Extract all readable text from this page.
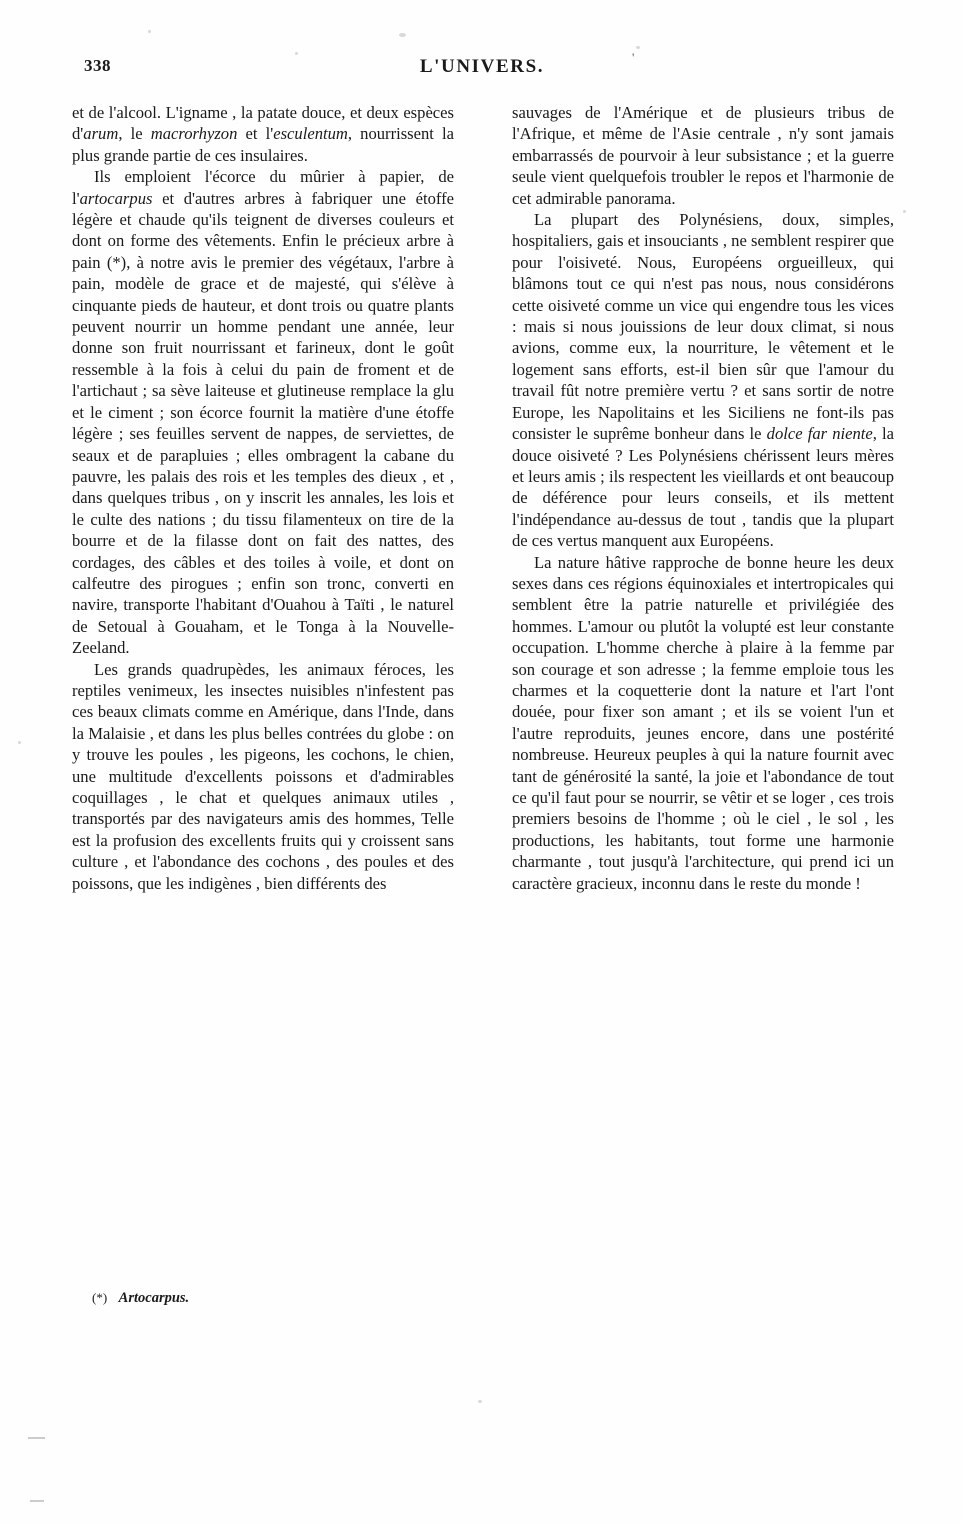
338	L'UNIVERS.	'

et de l'alcool. L'igname , la patate douce, et deux espèces d'arum, le macrorhyzon et l'esculentum, nourrissent la plus grande partie de ces insulaires.

Ils emploient l'écorce du mûrier à papier, de l'artocarpus et d'autres arbres à fabriquer une étoffe légère et chaude qu'ils teignent de diverses couleurs et dont on forme des vêtements. Enfin le précieux arbre à pain (*), à notre avis le premier des végétaux, l'arbre à pain, modèle de grace et de majesté, qui s'élève à cinquante pieds de hauteur, et dont trois ou quatre plants peuvent nourrir un homme pendant une année, leur donne son fruit nourrissant et farineux, dont le goût ressemble à la fois à celui du pain de froment et de l'artichaut ; sa sève laiteuse et glutineuse remplace la glu et le ciment ; son écorce fournit la matière d'une étoffe légère ; ses feuilles servent de nappes, de serviettes, de seaux et de parapluies ; elles ombragent la cabane du pauvre, les palais des rois et les temples des dieux , et , dans quelques tribus , on y inscrit les annales, les lois et le culte des nations ; du tissu filamenteux on tire de la bourre et de la filasse dont on fait des nattes, des cordages, des câbles et des toiles à voile, et dont on calfeutre des pirogues ; enfin son tronc, converti en navire, transporte l'habitant d'Ouahou à Taïti , le naturel de Setoual à Gouaham, et le Tonga à la Nouvelle-Zeeland.

Les grands quadrupèdes, les animaux féroces, les reptiles venimeux, les insectes nuisibles n'infestent pas ces beaux climats comme en Amérique, dans l'Inde, dans la Malaisie , et dans les plus belles contrées du globe : on y trouve les poules , les pigeons, les cochons, le chien, une multitude d'excellents poissons et d'admirables coquillages , le chat et quelques animaux utiles , transportés par des navigateurs amis des hommes, Telle est la profusion des excellents fruits qui y croissent sans culture , et l'abondance des cochons , des poules et des poissons, que les indigènes , bien différents des

sauvages de l'Amérique et de plusieurs tribus de l'Afrique, et même de l'Asie centrale , n'y sont jamais embarrassés de pourvoir à leur subsistance ; et la guerre seule vient quelquefois troubler le repos et l'harmonie de cet admirable panorama.

La plupart des Polynésiens, doux, simples, hospitaliers, gais et insouciants , ne semblent respirer que pour l'oisiveté. Nous, Européens orgueilleux, qui blâmons tout ce qui n'est pas nous, nous considérons cette oisiveté comme un vice qui engendre tous les vices : mais si nous jouissions de leur doux climat, si nous avions, comme eux, la nourriture, le vêtement et le logement sans efforts, est-il bien sûr que l'amour du travail fût notre première vertu ? et sans sortir de notre Europe, les Napolitains et les Siciliens ne font-ils pas consister le suprême bonheur dans le dolce far niente, la douce oisiveté ? Les Polynésiens chérissent leurs mères et leurs amis ; ils respectent les vieillards et ont beaucoup de déférence pour leurs conseils, et ils mettent l'indépendance au-dessus de tout , tandis que la plupart de ces vertus manquent aux Européens.

La nature hâtive rapproche de bonne heure les deux sexes dans ces régions équinoxiales et intertropicales qui semblent être la patrie naturelle et privilégiée des hommes. L'amour ou plutôt la volupté est leur constante occupation. L'homme cherche à plaire à la femme par son courage et son adresse ; la femme emploie tous les charmes et la coquetterie dont la nature et l'art l'ont douée, pour fixer son amant ; et ils se voient l'un et l'autre reproduits, jeunes encore, dans une postérité nombreuse. Heureux peuples à qui la nature fournit avec tant de générosité la santé, la joie et l'abondance de tout ce qu'il faut pour se nourrir, se vêtir et se loger , ces trois premiers besoins de l'homme ; où le ciel , le sol , les productions, les habitants, tout forme une harmonie charmante , tout jusqu'à l'architecture, qui prend ici un caractère gracieux, inconnu dans le reste du monde !

(*) Artocarpus.
